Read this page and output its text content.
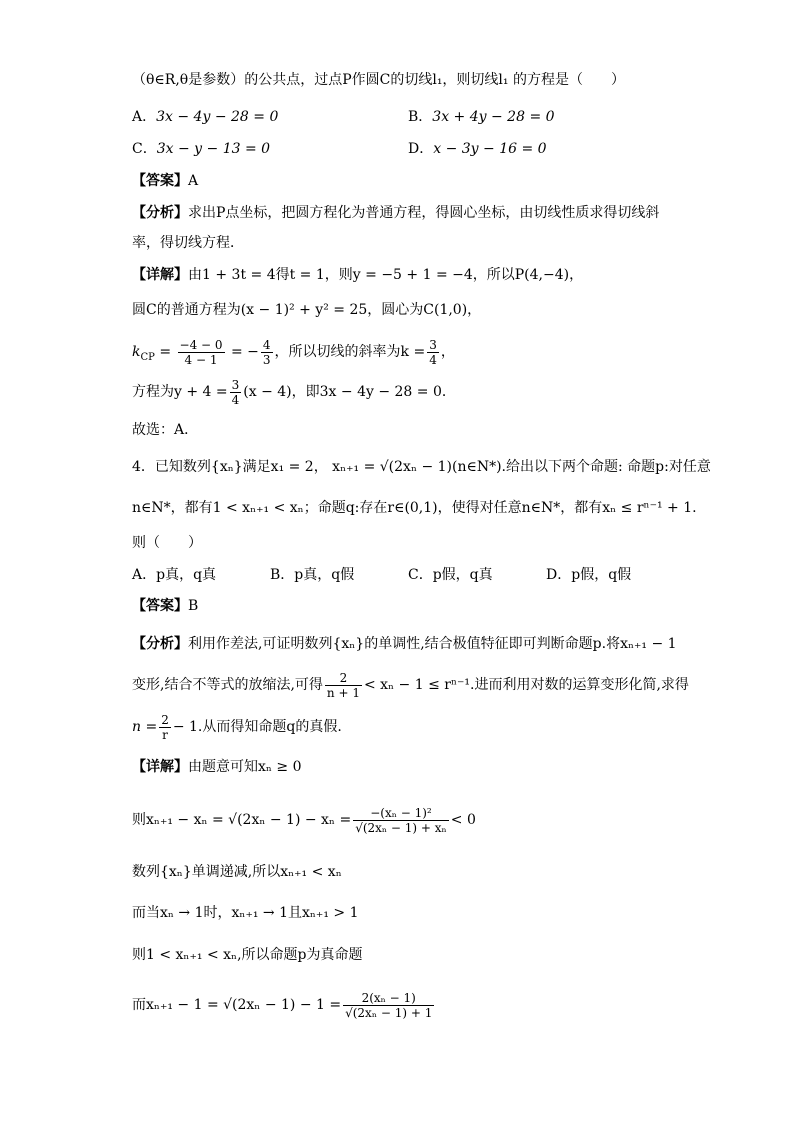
（θ∈R,θ是参数）的公共点，过点P作圆C的切线l₁，则切线l₁ 的方程是（　　）
A．3x − 4y − 28 = 0	B．3x + 4y − 28 = 0
C．3x − y − 13 = 0	D．x − 3y − 16 = 0
【答案】A
【分析】求出P点坐标，把圆方程化为普通方程，得圆心坐标，由切线性质求得切线斜
率，得切线方程．
【详解】由1 + 3t = 4得t = 1，则y = −5 + 1 = −4，所以P(4,−4)，
圆C的普通方程为(x − 1)² + y² = 25，圆心为C(1,0)，
$k_{CP} = \frac{-4 - 0}{4 - 1}$ = − $\frac{4}{3}$ ，所以切线的斜率为$k = \frac{3}{4}$ ，
方程为$y + 4 = \frac{3}{4} (x - 4)$，即3x − 4y − 28 = 0．
故选：A．
4．已知数列{xₙ}满足x₁ = 2， xₙ₊₁ = √(2xₙ − 1)(n∈N*).给出以下两个命题: 命题p:对任意
n∈N*，都有1 < xₙ₊₁ < xₙ；命题q:存在r∈(0,1)，使得对任意n∈N*，都有xₙ ≤ rⁿ⁻¹ + 1.
则（　　）
A．p真，q真	B．p真，q假	C．p假，q真	D．p假，q假
【答案】B
【分析】利用作差法,可证明数列{xₙ}的单调性,结合极值特征即可判断命题p.将xₙ₊₁ − 1
变形,结合不等式的放缩法,可得 $\frac{2}{n + 1} < x_n - 1 \le r^{n-1}$.进而利用对数的运算变形化简,求得
$n = \frac{2}{r} - 1$.从而得知命题q的真假.
【详解】由题意可知xₙ ≥ 0
则$x_{n+1} - x_n = √(2x_n - 1) - x_n = \frac{\text{−(xₙ − 1)²}}{\text{√(2xₙ − 1) + xₙ}} < 0$
数列{xₙ}单调递减,所以xₙ₊₁ < xₙ
而当xₙ → 1时，xₙ₊₁ → 1且xₙ₊₁ > 1
则1 < xₙ₊₁ < xₙ,所以命题p为真命题
而$x_{n+1} - 1 = √(2x_n - 1) - 1 = \frac{\text{2(xₙ − 1)}}{\text{√(2xₙ − 1) + 1}}$
